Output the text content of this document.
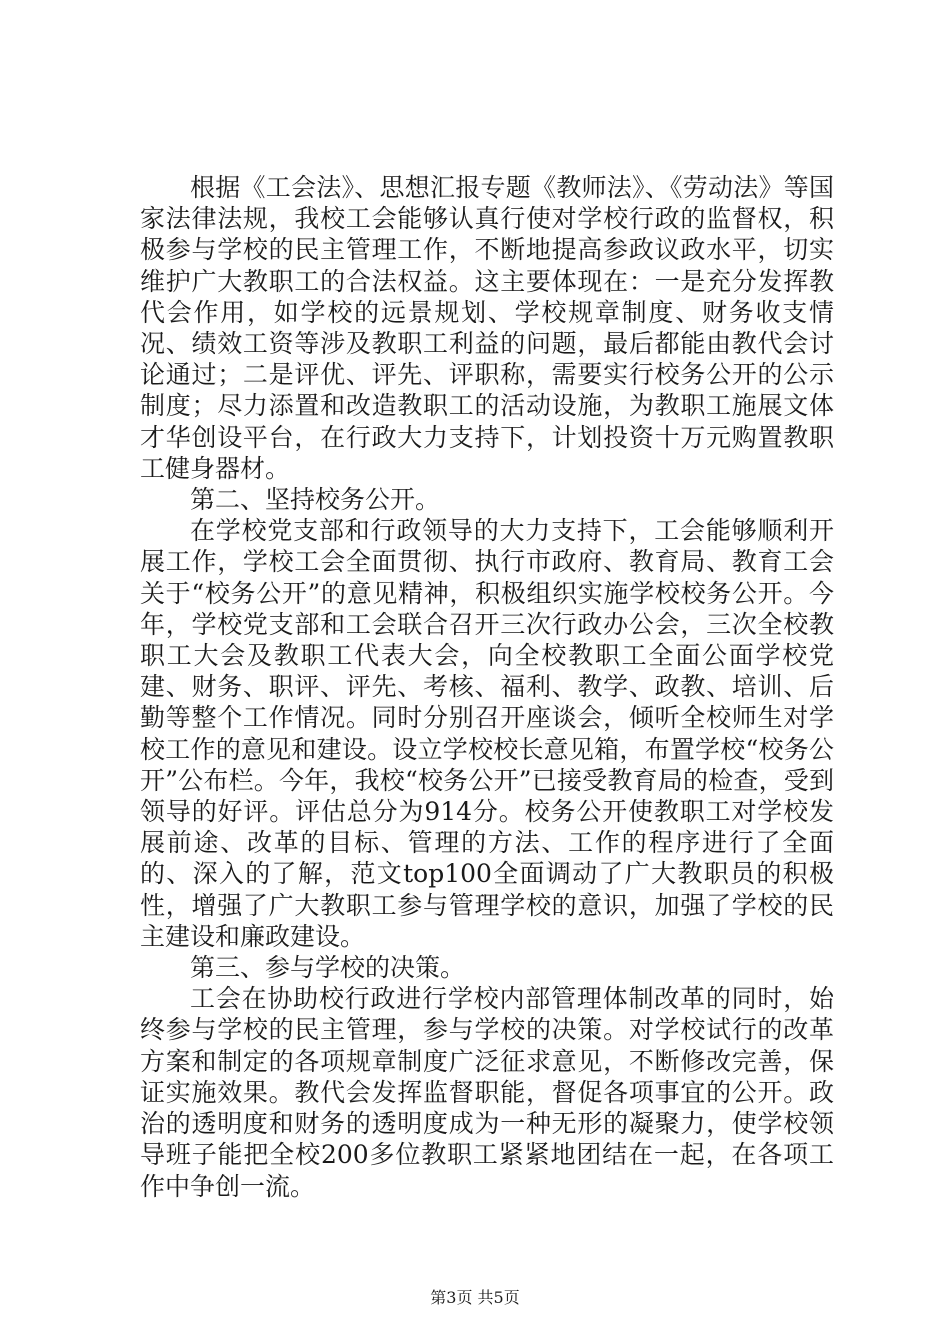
根据《工会法》、思想汇报专题《教师法》、《劳动法》等国家法律法规，我校工会能够认真行使对学校行政的监督权，积极参与学校的民主管理工作，不断地提高参政议政水平，切实维护广大教职工的合法权益。这主要体现在：一是充分发挥教代会作用，如学校的远景规划、学校规章制度、财务收支情况、绩效工资等涉及教职工利益的问题，最后都能由教代会讨论通过；二是评优、评先、评职称，需要实行校务公开的公示制度；尽力添置和改造教职工的活动设施，为教职工施展文体才华创设平台，在行政大力支持下，计划投资十万元购置教职工健身器材。

第二、坚持校务公开。

在学校党支部和行政领导的大力支持下，工会能够顺利开展工作，学校工会全面贯彻、执行市政府、教育局、教育工会关于“校务公开”的意见精神，积极组织实施学校校务公开。今年，学校党支部和工会联合召开三次行政办公会，三次全校教职工大会及教职工代表大会，向全校教职工全面公面学校党建、财务、职评、评先、考核、福利、教学、政教、培训、后勤等整个工作情况。同时分别召开座谈会，倾听全校师生对学校工作的意见和建设。设立学校校长意见箱，布置学校“校务公开”公布栏。今年，我校“校务公开”已接受教育局的检查，受到领导的好评。评估总分为914分。校务公开使教职工对学校发展前途、改革的目标、管理的方法、工作的程序进行了全面的、深入的了解，范文top100全面调动了广大教职员的积极性，增强了广大教职工参与管理学校的意识，加强了学校的民主建设和廉政建设。

第三、参与学校的决策。

工会在协助校行政进行学校内部管理体制改革的同时，始终参与学校的民主管理，参与学校的决策。对学校试行的改革方案和制定的各项规章制度广泛征求意见，不断修改完善，保证实施效果。教代会发挥监督职能，督促各项事宜的公开。政治的透明度和财务的透明度成为一种无形的凝聚力，使学校领导班子能把全校200多位教职工紧紧地团结在一起，在各项工作中争创一流。

第3页 共5页
